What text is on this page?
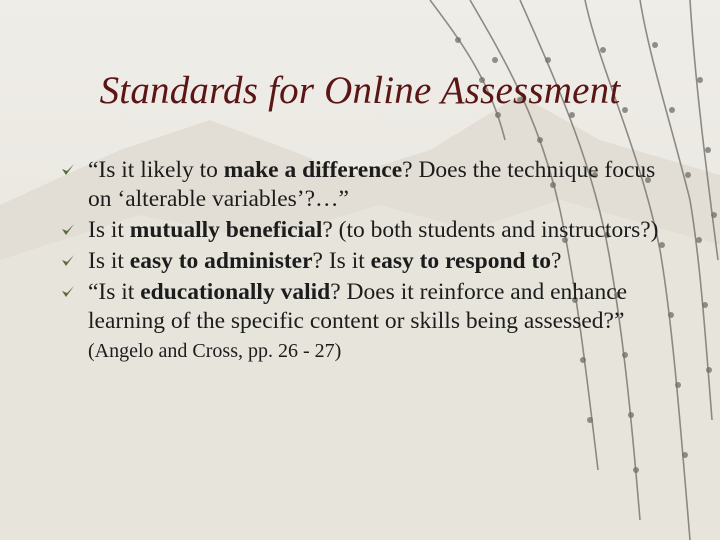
Standards for Online Assessment
“Is it likely to make a difference? Does the technique focus on ‘alterable variables’?…”
Is it mutually beneficial? (to both students and instructors?)
Is it easy to administer? Is it easy to respond to?
“Is it educationally valid? Does it reinforce and enhance learning of the specific content or skills being assessed?” (Angelo and Cross, pp. 26 - 27)
